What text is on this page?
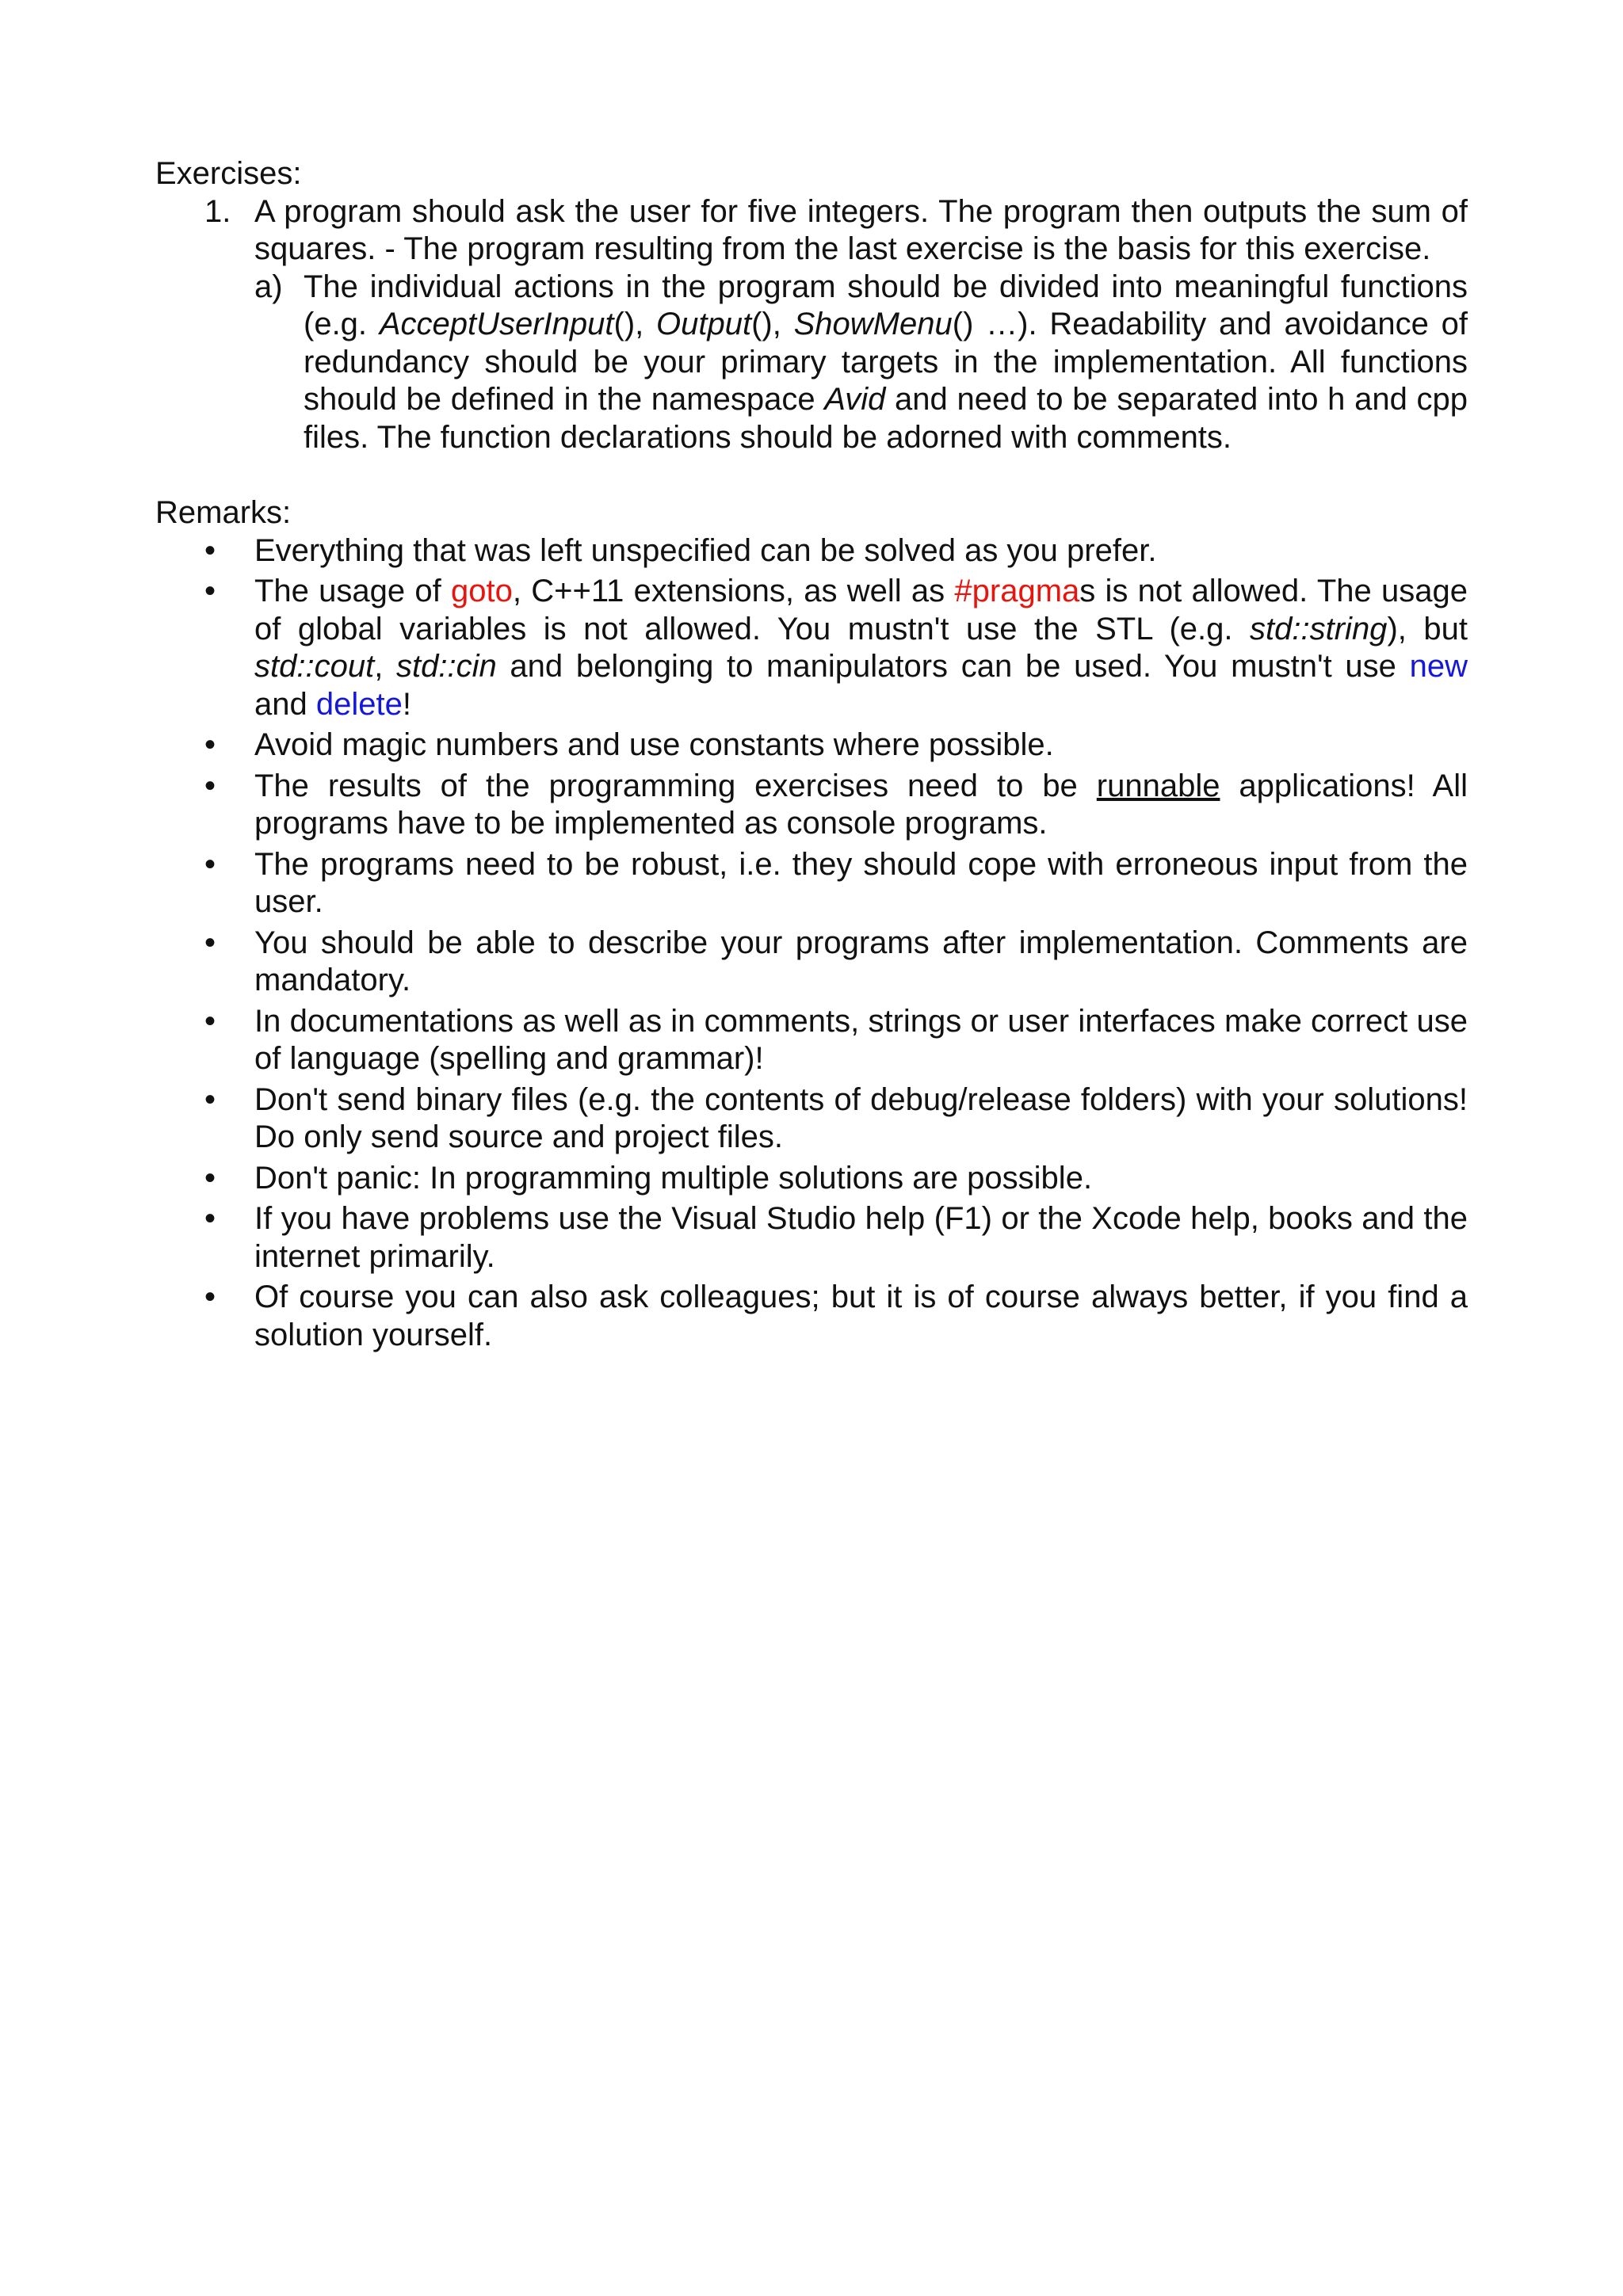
Exercises:
1. A program should ask the user for five integers. The program then outputs the sum of squares. - The program resulting from the last exercise is the basis for this exercise.
a) The individual actions in the program should be divided into meaningful functions (e.g. AcceptUserInput(), Output(), ShowMenu() …). Readability and avoidance of redundancy should be your primary targets in the implementation. All functions should be defined in the namespace Avid and need to be separated into h and cpp files. The function declarations should be adorned with comments.
Remarks:
• Everything that was left unspecified can be solved as you prefer.
• The usage of goto, C++11 extensions, as well as #pragmas is not allowed. The usage of global variables is not allowed. You mustn't use the STL (e.g. std::string), but std::cout, std::cin and belonging to manipulators can be used. You mustn't use new and delete!
• Avoid magic numbers and use constants where possible.
• The results of the programming exercises need to be runnable applications! All programs have to be implemented as console programs.
• The programs need to be robust, i.e. they should cope with erroneous input from the user.
• You should be able to describe your programs after implementation. Comments are mandatory.
• In documentations as well as in comments, strings or user interfaces make correct use of language (spelling and grammar)!
• Don't send binary files (e.g. the contents of debug/release folders) with your solutions! Do only send source and project files.
• Don't panic: In programming multiple solutions are possible.
• If you have problems use the Visual Studio help (F1) or the Xcode help, books and the internet primarily.
• Of course you can also ask colleagues; but it is of course always better, if you find a solution yourself.
